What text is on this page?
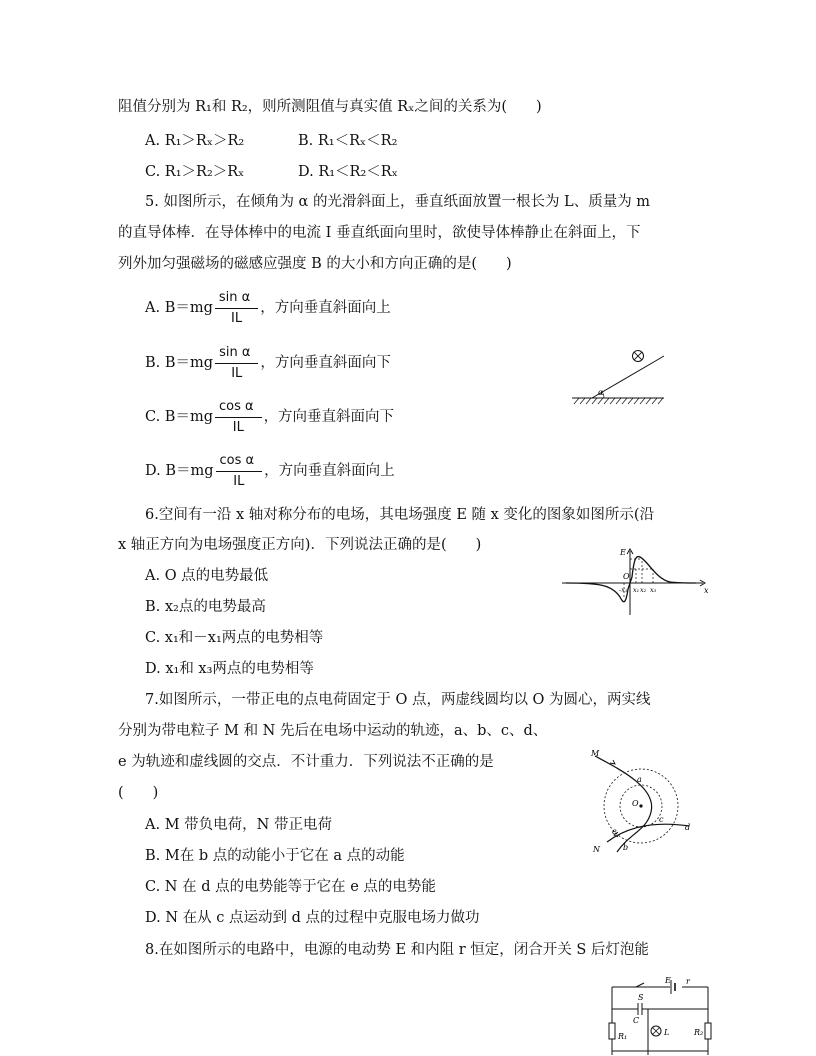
阻值分别为 R₁和 R₂，则所测阻值与真实值 Rₓ之间的关系为(　　)
A. R₁＞Rₓ＞R₂	B. R₁＜Rₓ＜R₂
C. R₁＞R₂＞Rₓ	D. R₁＜R₂＜Rₓ
5. 如图所示，在倾角为 α 的光滑斜面上，垂直纸面放置一根长为 L、质量为 m
的直导体棒．在导体棒中的电流 I 垂直纸面向里时，欲使导体棒静止在斜面上，下
列外加匀强磁场的磁感应强度 B 的大小和方向正确的是(　　)
A. $B=mg \frac{\text{sin α}}{IL}$ ，方向垂直斜面向上
B. $B=mg \frac{\text{sin α}}{IL}$ ，方向垂直斜面向下
C. $B=mg \frac{\text{cos α}}{IL}$ ，方向垂直斜面向下
D. $B=mg \frac{\text{cos α}}{IL}$ ，方向垂直斜面向上
α
6.空间有一沿 x 轴对称分布的电场，其电场强度 E 随 x 变化的图象如图所示(沿
x 轴正方向为电场强度正方向)．下列说法正确的是(　　)
A. O 点的电势最低
B. x₂点的电势最高
C. x₁和－x₁两点的电势相等
D. x₁和 x₃两点的电势相等
E
O
x
-x₁ x₁ x₂ x₃
7.如图所示，一带正电的点电荷固定于 O 点，两虚线圆均以 O 为圆心，两实线
分别为带电粒子 M 和 N 先后在电场中运动的轨迹，a、b、c、d、
e 为轨迹和虚线圆的交点．不计重力．下列说法不正确的是
(　　)
A. M 带负电荷，N 带正电荷
B. M在 b 点的动能小于它在 a 点的动能
C. N 在 d 点的电势能等于它在 e 点的电势能
D. N 在从 c 点运动到 d 点的过程中克服电场力做功
M
N
O
a
b
c
d
e
8.在如图所示的电路中，电源的电动势 E 和内阻 r 恒定，闭合开关 S 后灯泡能
E r
S
C
R₁	L	R₂
